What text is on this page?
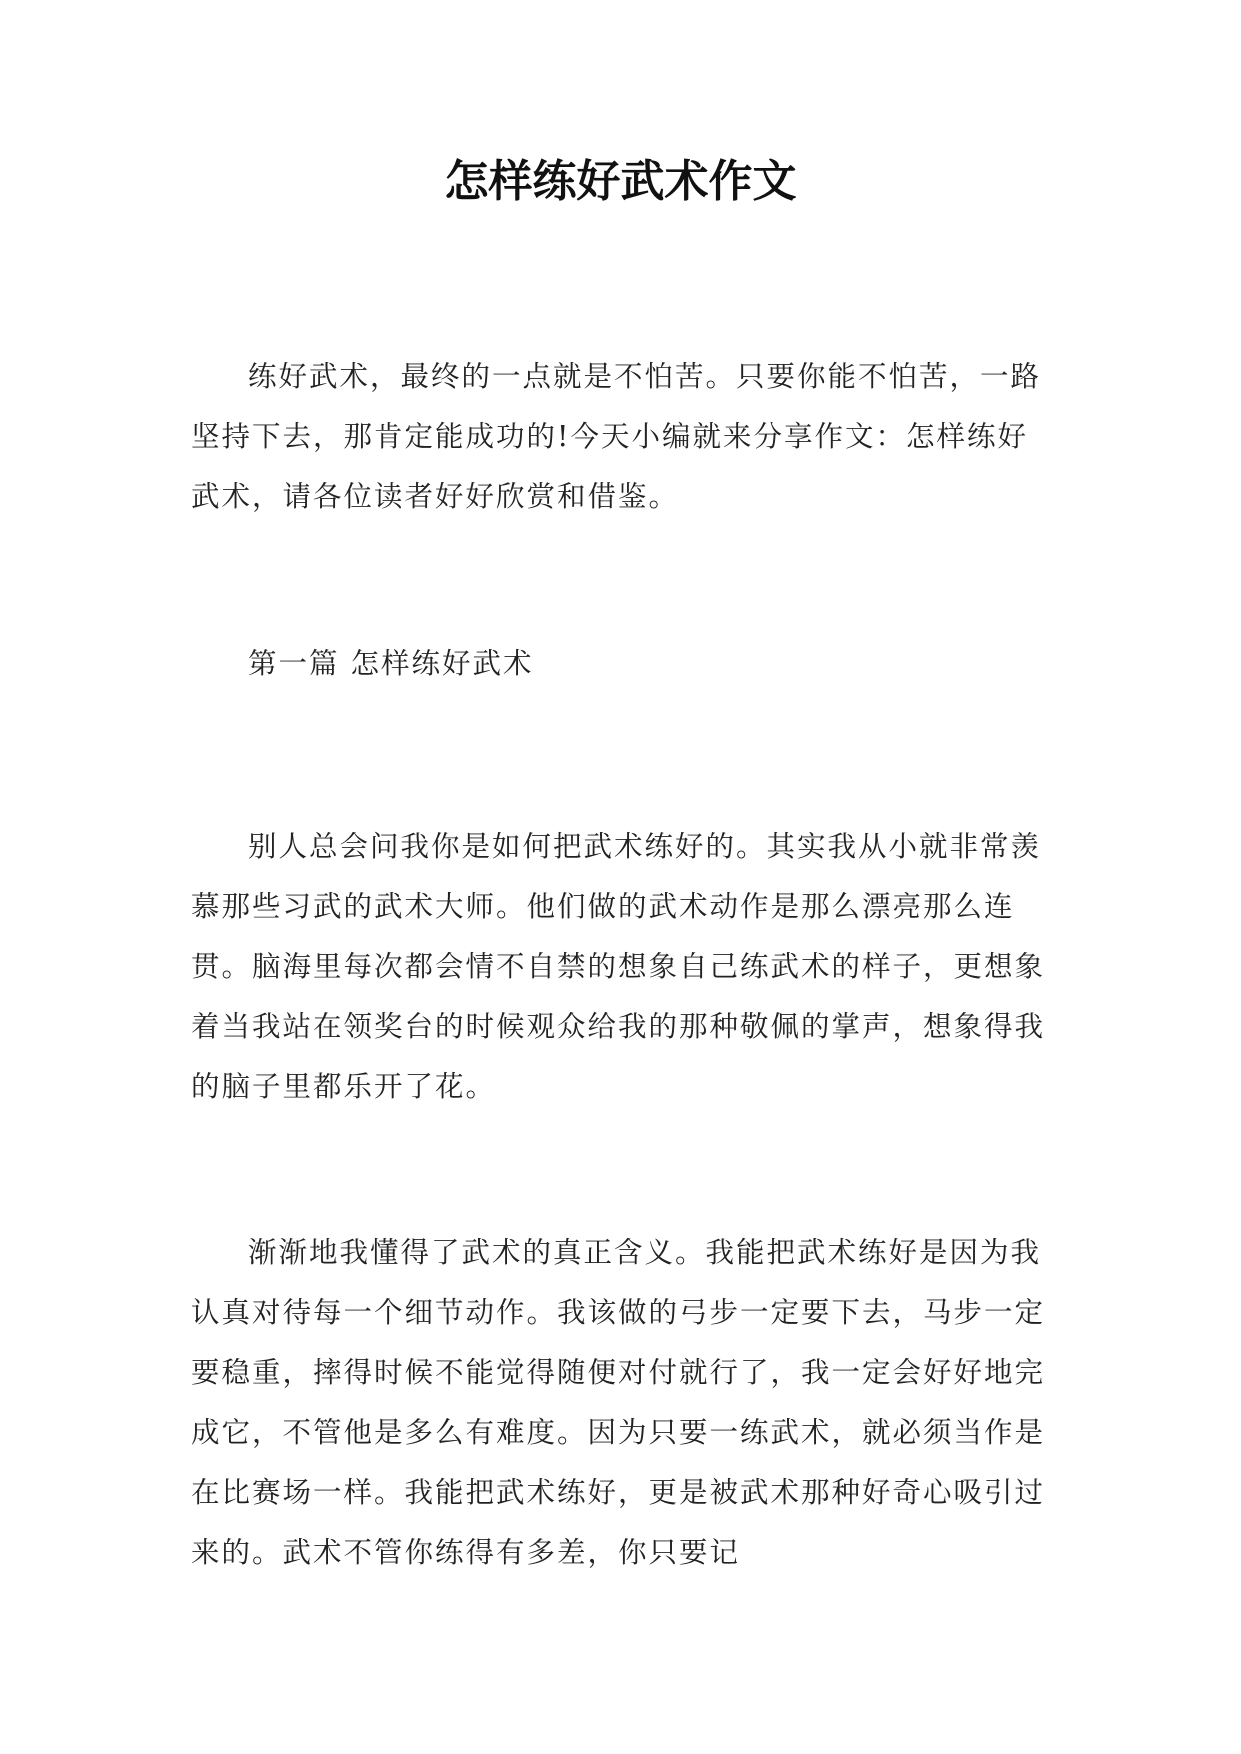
怎样练好武术作文

练好武术，最终的一点就是不怕苦。只要你能不怕苦，一路坚持下去，那肯定能成功的!今天小编就来分享作文：怎样练好武术，请各位读者好好欣赏和借鉴。

第一篇 怎样练好武术

别人总会问我你是如何把武术练好的。其实我从小就非常羡慕那些习武的武术大师。他们做的武术动作是那么漂亮那么连贯。脑海里每次都会情不自禁的想象自己练武术的样子，更想象着当我站在领奖台的时候观众给我的那种敬佩的掌声，想象得我的脑子里都乐开了花。

渐渐地我懂得了武术的真正含义。我能把武术练好是因为我认真对待每一个细节动作。我该做的弓步一定要下去，马步一定要稳重，摔得时候不能觉得随便对付就行了，我一定会好好地完成它，不管他是多么有难度。因为只要一练武术，就必须当作是在比赛场一样。我能把武术练好，更是被武术那种好奇心吸引过来的。武术不管你练得有多差，你只要记
